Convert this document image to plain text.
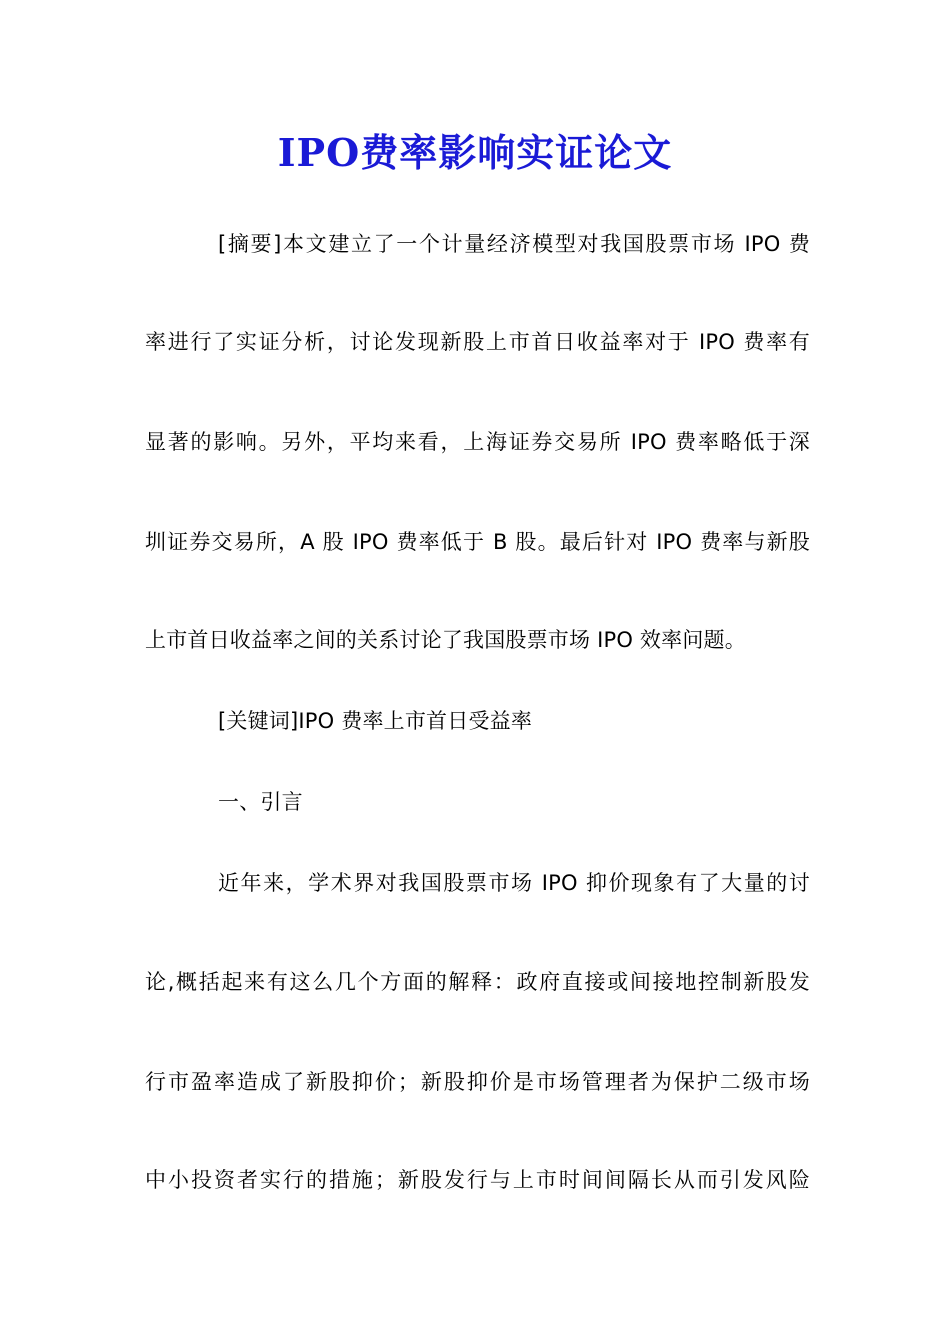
IPO费率影响实证论文
[摘要]本文建立了一个计量经济模型对我国股票市场 IPO 费
率进行了实证分析，讨论发现新股上市首日收益率对于 IPO 费率有
显著的影响。另外，平均来看，上海证券交易所 IPO 费率略低于深
圳证券交易所，A 股 IPO 费率低于 B 股。最后针对 IPO 费率与新股
上市首日收益率之间的关系讨论了我国股票市场 IPO 效率问题。
[关键词]IPO 费率上市首日受益率
一、引言
近年来，学术界对我国股票市场 IPO 抑价现象有了大量的讨
论,概括起来有这么几个方面的解释：政府直接或间接地控制新股发
行市盈率造成了新股抑价；新股抑价是市场管理者为保护二级市场
中小投资者实行的措施；新股发行与上市时间间隔长从而引发风险
